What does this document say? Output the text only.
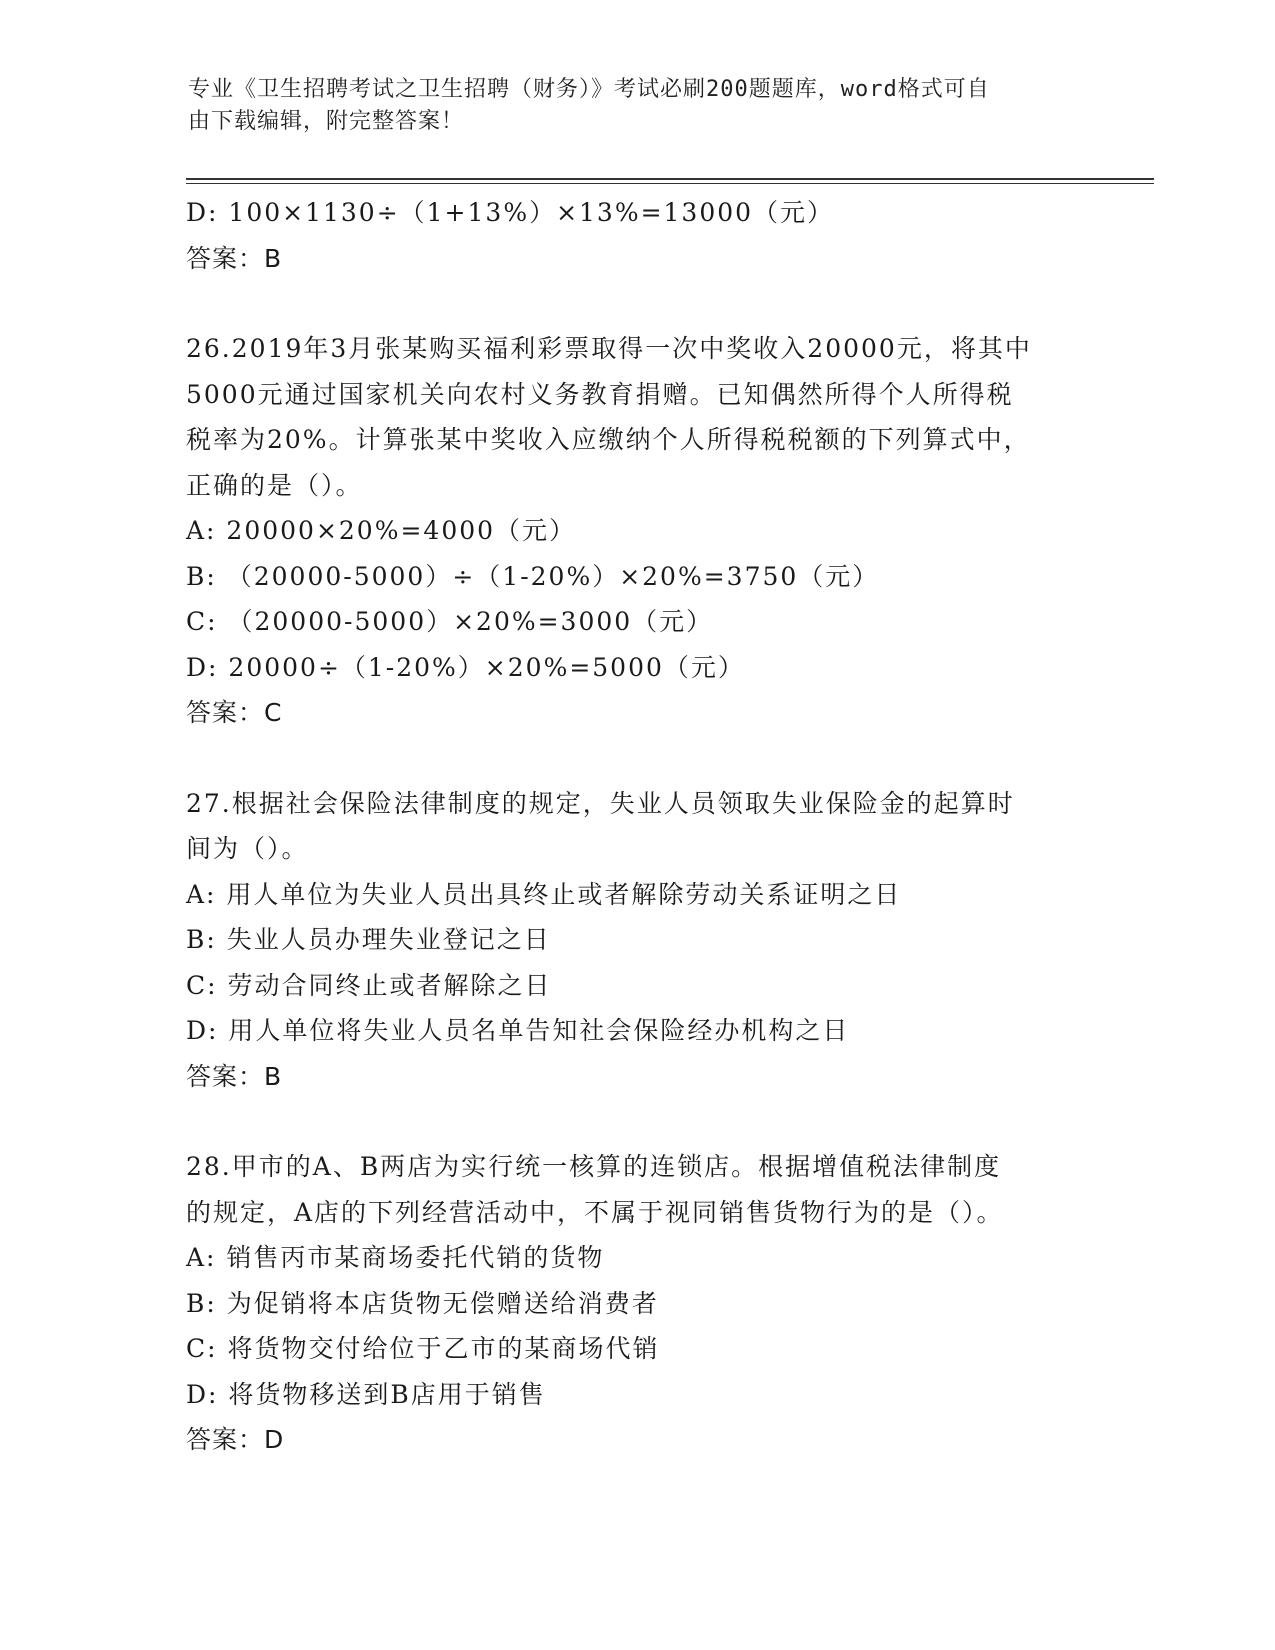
专业《卫生招聘考试之卫生招聘（财务）》考试必刷200题题库，word格式可自
由下载编辑，附完整答案！
D: 100×1130÷（1+13%）×13%=13000（元）
答案：B
26.2019年3月张某购买福利彩票取得一次中奖收入20000元，将其中
5000元通过国家机关向农村义务教育捐赠。已知偶然所得个人所得税
税率为20%。计算张某中奖收入应缴纳个人所得税税额的下列算式中，
正确的是（）。
A: 20000×20%=4000（元）
B: （20000-5000）÷（1-20%）×20%=3750（元）
C: （20000-5000）×20%=3000（元）
D: 20000÷（1-20%）×20%=5000（元）
答案：C
27.根据社会保险法律制度的规定，失业人员领取失业保险金的起算时
间为（）。
A: 用人单位为失业人员出具终止或者解除劳动关系证明之日
B: 失业人员办理失业登记之日
C: 劳动合同终止或者解除之日
D: 用人单位将失业人员名单告知社会保险经办机构之日
答案：B
28.甲市的A、B两店为实行统一核算的连锁店。根据增值税法律制度
的规定，A店的下列经营活动中，不属于视同销售货物行为的是（）。
A: 销售丙市某商场委托代销的货物
B: 为促销将本店货物无偿赠送给消费者
C: 将货物交付给位于乙市的某商场代销
D: 将货物移送到B店用于销售
答案：D
